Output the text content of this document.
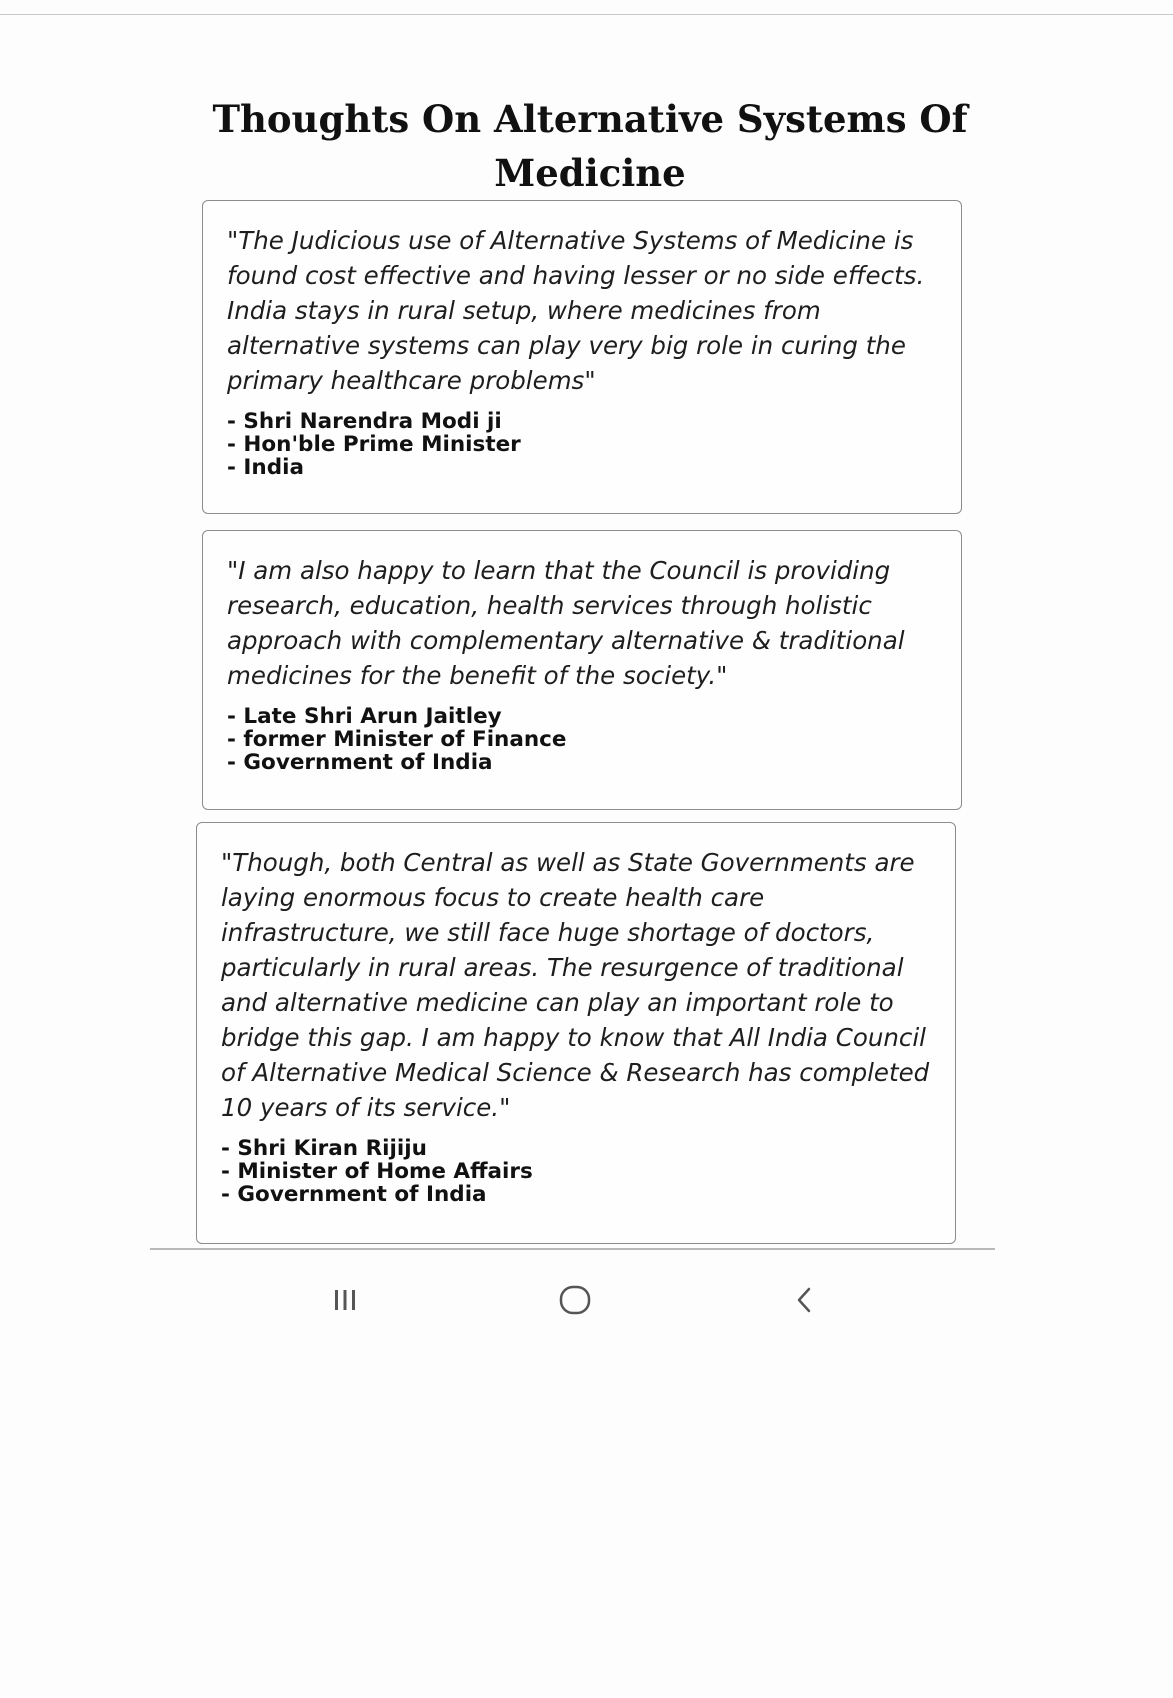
Thoughts On Alternative Systems Of Medicine

"The Judicious use of Alternative Systems of Medicine is found cost effective and having lesser or no side effects. India stays in rural setup, where medicines from alternative systems can play very big role in curing the primary healthcare problems"

- Shri Narendra Modi ji
- Hon'ble Prime Minister
- India

"I am also happy to learn that the Council is providing research, education, health services through holistic approach with complementary alternative & traditional medicines for the benefit of the society."

- Late Shri Arun Jaitley
- former Minister of Finance
- Government of India

"Though, both Central as well as State Governments are laying enormous focus to create health care infrastructure, we still face huge shortage of doctors, particularly in rural areas. The resurgence of traditional and alternative medicine can play an important role to bridge this gap. I am happy to know that All India Council of Alternative Medical Science & Research has completed 10 years of its service."

- Shri Kiran Rijiju
- Minister of Home Affairs
- Government of India
